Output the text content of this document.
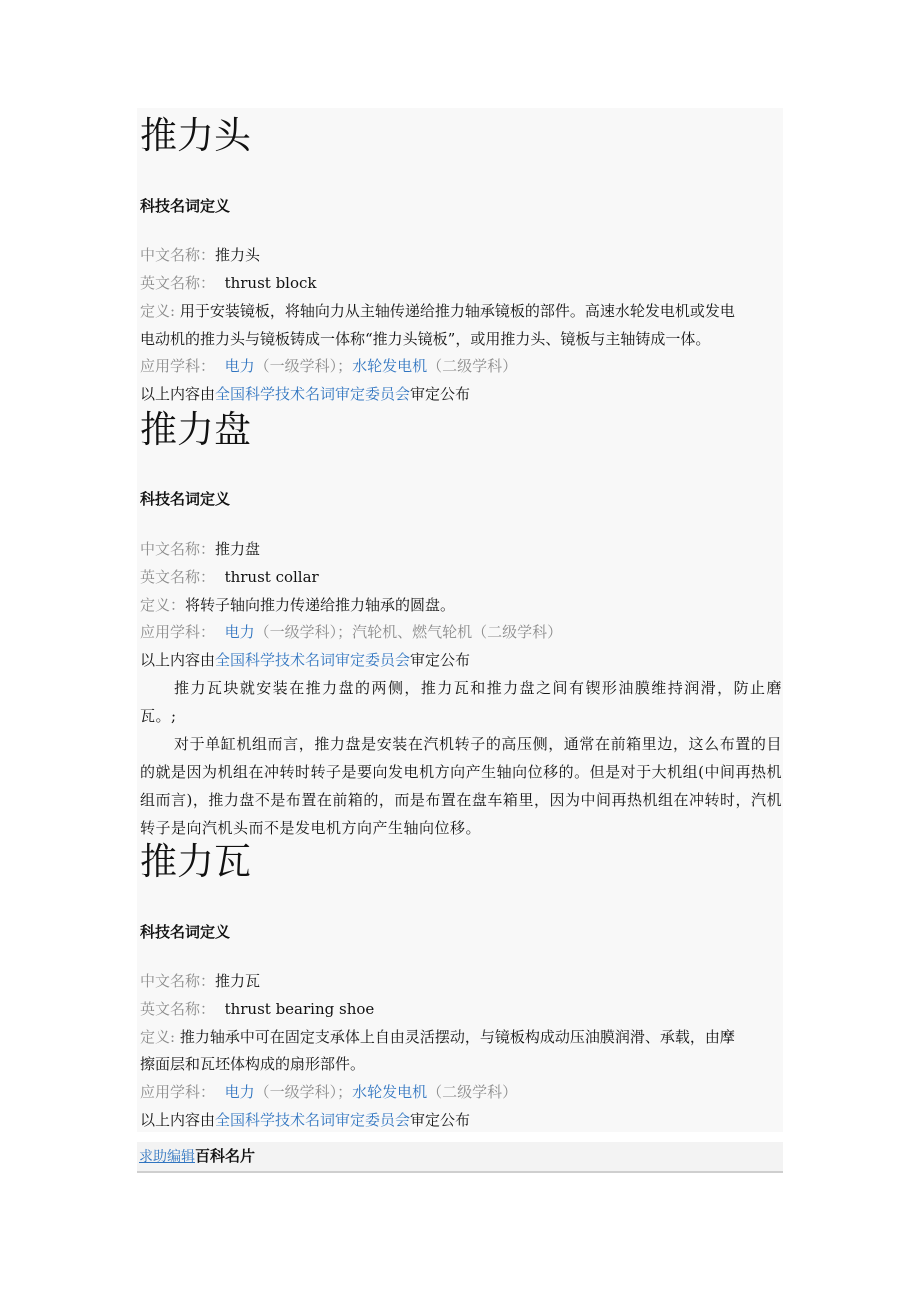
推力头
科技名词定义
中文名称：推力头
英文名称： thrust block
定义: 用于安装镜板，将轴向力从主轴传递给推力轴承镜板的部件。高速水轮发电机或发电
电动机的推力头与镜板铸成一体称“推力头镜板”，或用推力头、镜板与主轴铸成一体。
应用学科： 电力（一级学科）；水轮发电机（二级学科）
以上内容由全国科学技术名词审定委员会审定公布
推力盘
科技名词定义
中文名称：推力盘
英文名称： thrust collar
定义：将转子轴向推力传递给推力轴承的圆盘。
应用学科： 电力（一级学科）；汽轮机、燃气轮机（二级学科）
以上内容由全国科学技术名词审定委员会审定公布
推力瓦块就安装在推力盘的两侧，推力瓦和推力盘之间有锲形油膜维持润滑，防止磨瓦。;
对于单缸机组而言，推力盘是安装在汽机转子的高压侧，通常在前箱里边，这么布置的目的就是因为机组在冲转时转子是要向发电机方向产生轴向位移的。但是对于大机组(中间再热机组而言)，推力盘不是布置在前箱的，而是布置在盘车箱里，因为中间再热机组在冲转时，汽机转子是向汽机头而不是发电机方向产生轴向位移。
推力瓦
科技名词定义
中文名称：推力瓦
英文名称： thrust bearing shoe
定义: 推力轴承中可在固定支承体上自由灵活摆动，与镜板构成动压油膜润滑、承载，由摩
擦面层和瓦坯体构成的扇形部件。
应用学科： 电力（一级学科）；水轮发电机（二级学科）
以上内容由全国科学技术名词审定委员会审定公布
求助编辑百科名片
